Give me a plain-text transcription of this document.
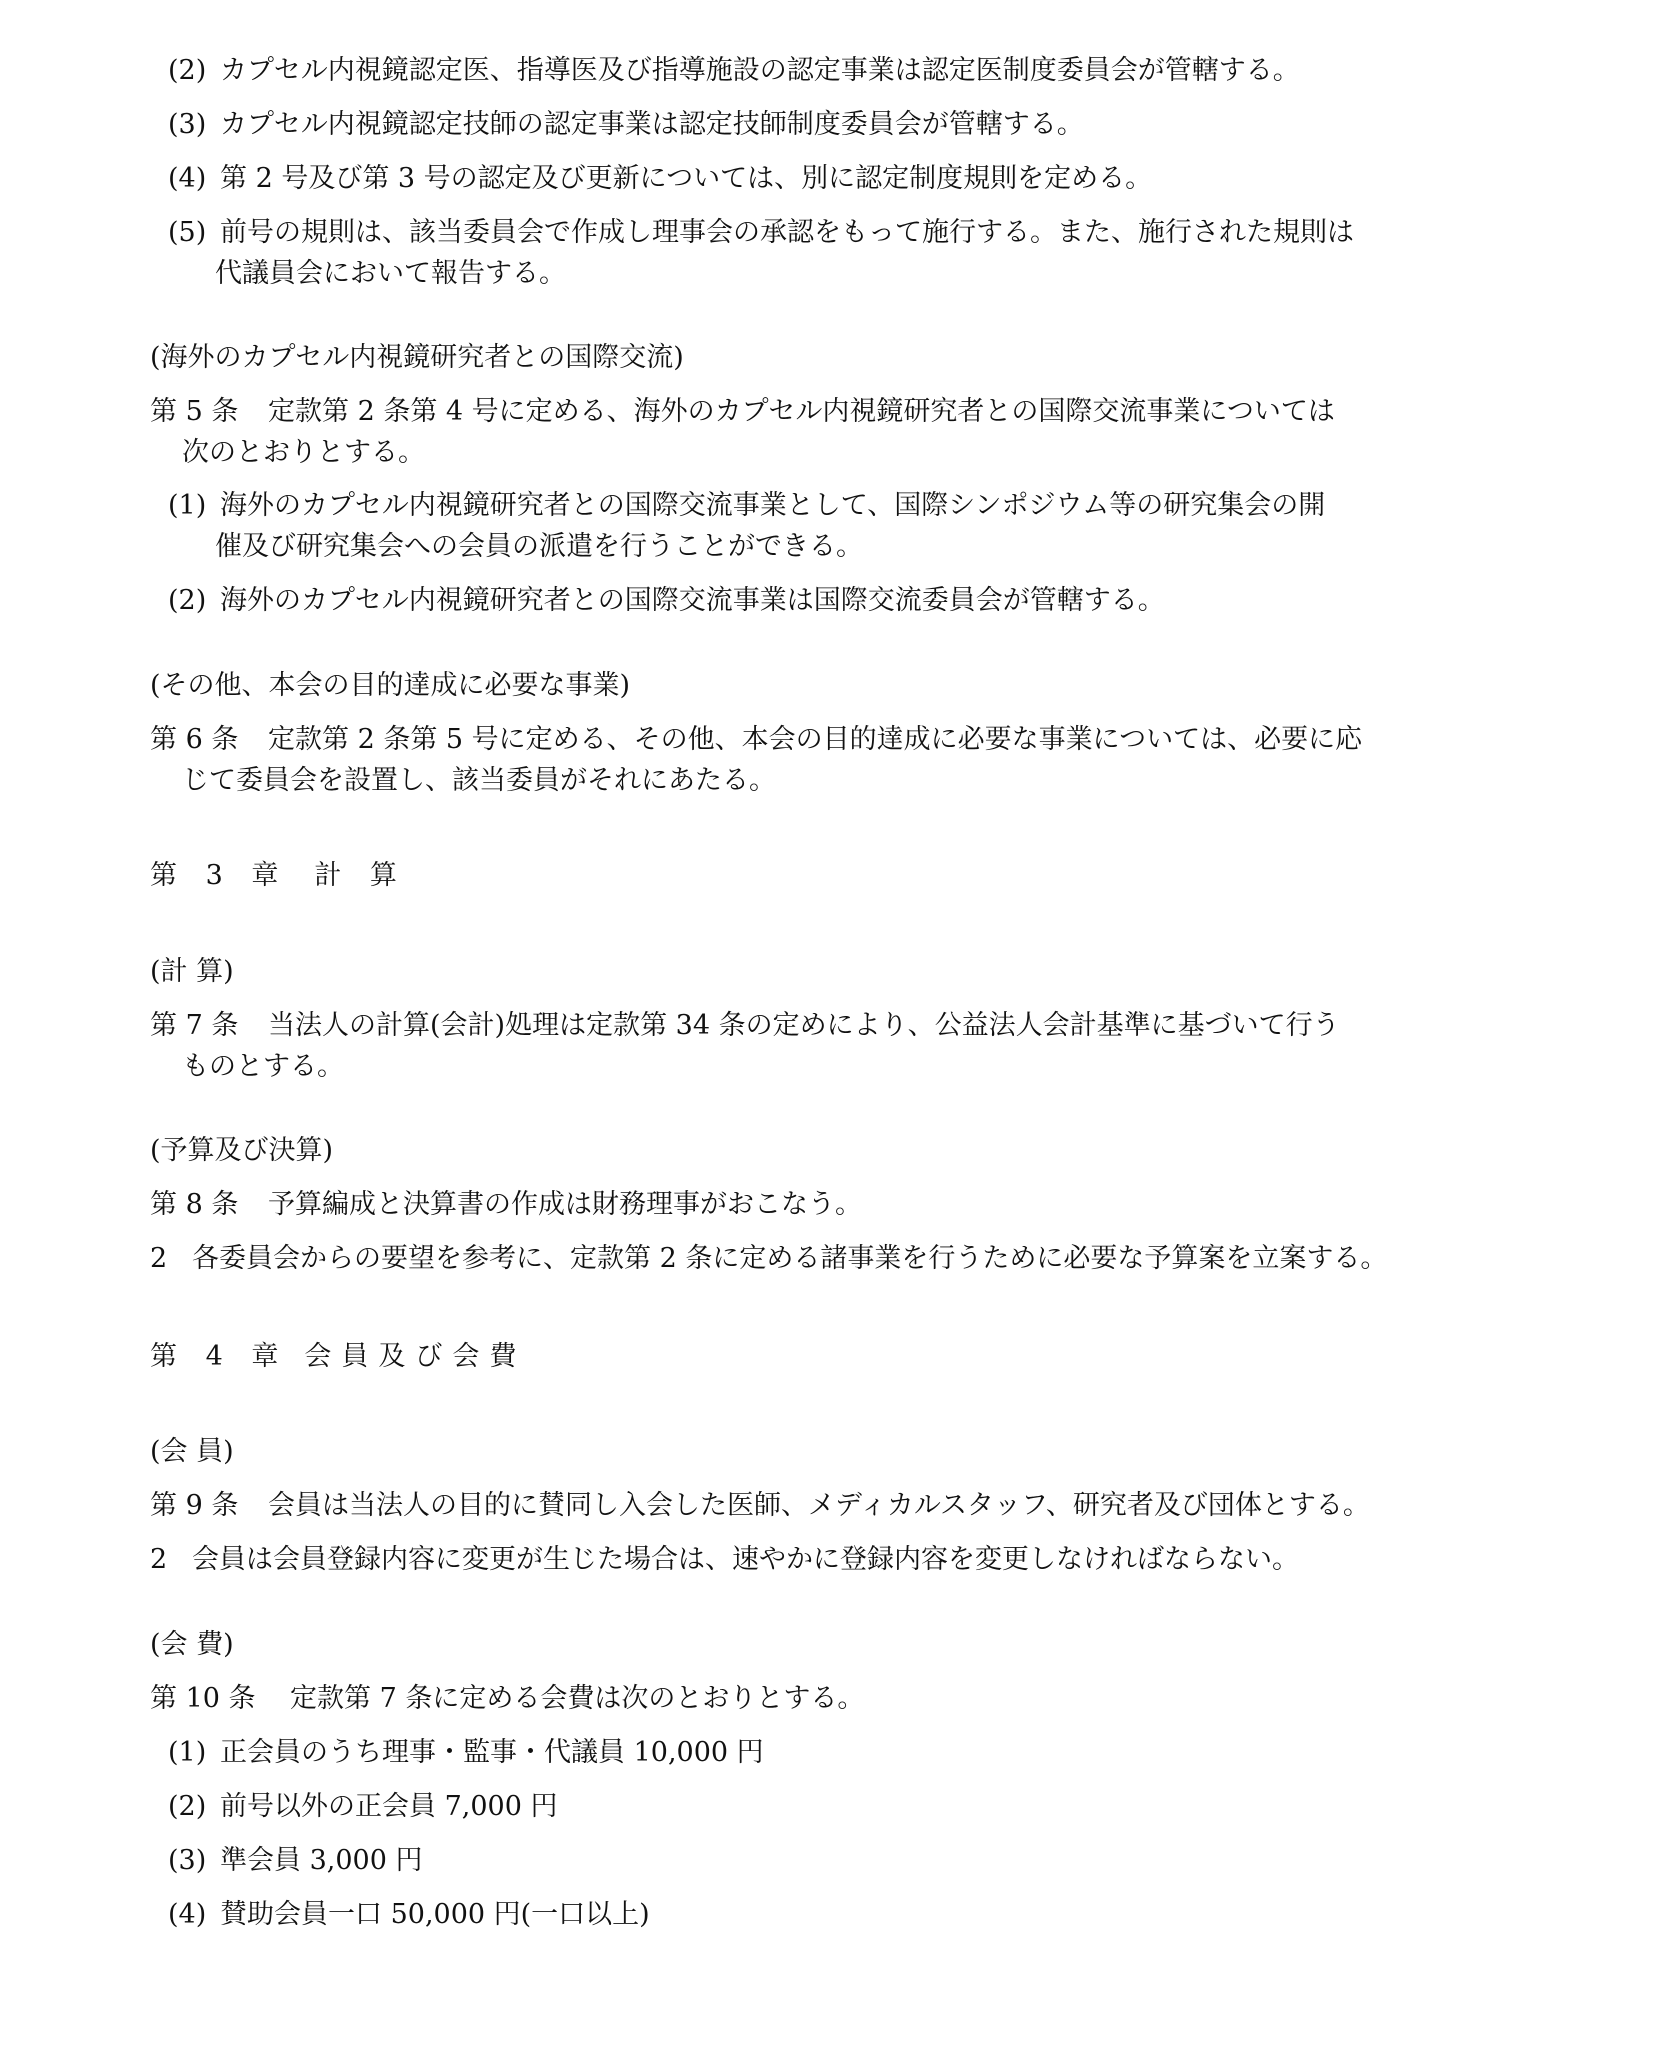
(2) カプセル内視鏡認定医、指導医及び指導施設の認定事業は認定医制度委員会が管轄する。

(3) カプセル内視鏡認定技師の認定事業は認定技師制度委員会が管轄する。

(4) 第 2 号及び第 3 号の認定及び更新については、別に認定制度規則を定める。

(5) 前号の規則は、該当委員会で作成し理事会の承認をもって施行する。また、施行された規則は

代議員会において報告する。

(海外のカプセル内視鏡研究者との国際交流)

第 5 条 定款第 2 条第 4 号に定める、海外のカプセル内視鏡研究者との国際交流事業については

次のとおりとする。

(1) 海外のカプセル内視鏡研究者との国際交流事業として、国際シンポジウム等の研究集会の開

催及び研究集会への会員の派遣を行うことができる。

(2) 海外のカプセル内視鏡研究者との国際交流事業は国際交流委員会が管轄する。

(その他、本会の目的達成に必要な事業)

第 6 条 定款第 2 条第 5 号に定める、その他、本会の目的達成に必要な事業については、必要に応

じて委員会を設置し、該当委員がそれにあたる。

第 3 章 計 算

(計 算)

第 7 条 当法人の計算(会計)処理は定款第 34 条の定めにより、公益法人会計基準に基づいて行う

ものとする。

(予算及び決算)

第 8 条 予算編成と決算書の作成は財務理事がおこなう。

2 各委員会からの要望を参考に、定款第 2 条に定める諸事業を行うために必要な予算案を立案する。

第 4 章 会員及び会費

(会 員)

第 9 条 会員は当法人の目的に賛同し入会した医師、メディカルスタッフ、研究者及び団体とする。

2 会員は会員登録内容に変更が生じた場合は、速やかに登録内容を変更しなければならない。

(会 費)

第 10 条 定款第 7 条に定める会費は次のとおりとする。

(1) 正会員のうち理事・監事・代議員 10,000 円

(2) 前号以外の正会員 7,000 円

(3) 準会員 3,000 円

(4) 賛助会員一口 50,000 円(一口以上)
